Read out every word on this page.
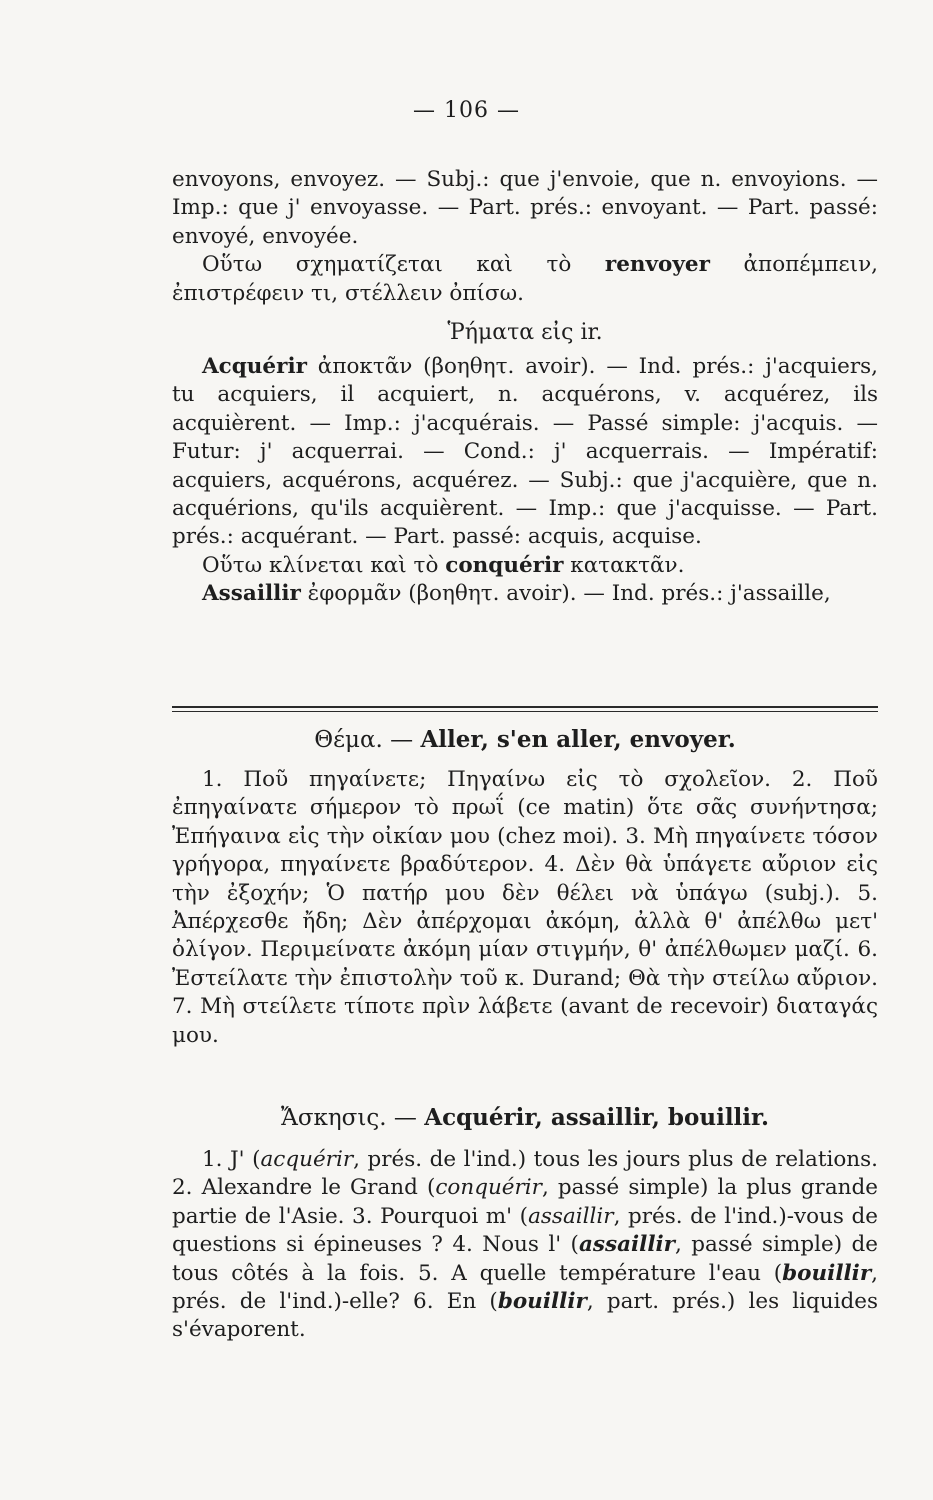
— 106 —

envoyons, envoyez. — Subj.: que j'envoie, que n. envoyions. — Imp.: que j' envoyasse. — Part. prés.: envoyant. — Part. passé: envoyé, envoyée.

Οὕτω σχηματίζεται καὶ τὸ renvoyer ἀποπέμπειν, ἐπιστρέφειν τι, στέλλειν ὀπίσω.

Ῥήματα εἰς ir.

Acquérir ἀποκτᾶν (βοηθητ. avoir). — Ind. prés.: j'acquiers, tu acquiers, il acquiert, n. acquérons, v. acquérez, ils acquièrent. — Imp.: j'acquérais. — Passé simple: j'acquis. — Futur: j' acquerrai. — Cond.: j' acquerrais. — Impératif: acquiers, acquérons, acquérez. — Subj.: que j'acquière, que n. acquérions, qu'ils acquièrent. — Imp.: que j'acquisse. — Part. prés.: acquérant. — Part. passé: acquis, acquise.

Οὕτω κλίνεται καὶ τὸ conquérir κατακτᾶν.

Assaillir ἐφορμᾶν (βοηθητ. avoir). — Ind. prés.: j'assaille,

Θέμα. — Aller, s'en aller, envoyer.

1. Ποῦ πηγαίνετε; Πηγαίνω εἰς τὸ σχολεῖον. 2. Ποῦ ἐπηγαίνατε σήμερον τὸ πρωΐ (ce matin) ὅτε σᾶς συνήντησα; Ἐπήγαινα εἰς τὴν οἰκίαν μου (chez moi). 3. Μὴ πηγαίνετε τόσον γρήγορα, πηγαίνετε βραδύτερον. 4. Δὲν θὰ ὑπάγετε αὔριον εἰς τὴν ἐξοχήν; Ὁ πατήρ μου δὲν θέλει νὰ ὑπάγω (subj.). 5. Ἀπέρχεσθε ἤδη; Δὲν ἀπέρχομαι ἀκόμη, ἀλλὰ θ' ἀπέλθω μετ' ὀλίγον. Περιμείνατε ἀκόμη μίαν στιγμήν, θ' ἀπέλθωμεν μαζί. 6. Ἐστείλατε τὴν ἐπιστολὴν τοῦ κ. Durand; Θὰ τὴν στείλω αὔριον. 7. Μὴ στείλετε τίποτε πρὶν λάβετε (avant de recevoir) διαταγάς μου.

Ἄσκησις. — Acquérir, assaillir, bouillir.

1. J' (acquérir, prés. de l'ind.) tous les jours plus de relations. 2. Alexandre le Grand (conquérir, passé simple) la plus grande partie de l'Asie. 3. Pourquoi m' (assaillir, prés. de l'ind.)-vous de questions si épineuses ? 4. Nous l' (assaillir, passé simple) de tous côtés à la fois. 5. A quelle température l'eau (bouillir, prés. de l'ind.)-elle? 6. En (bouillir, part. prés.) les liquides s'évaporent.
